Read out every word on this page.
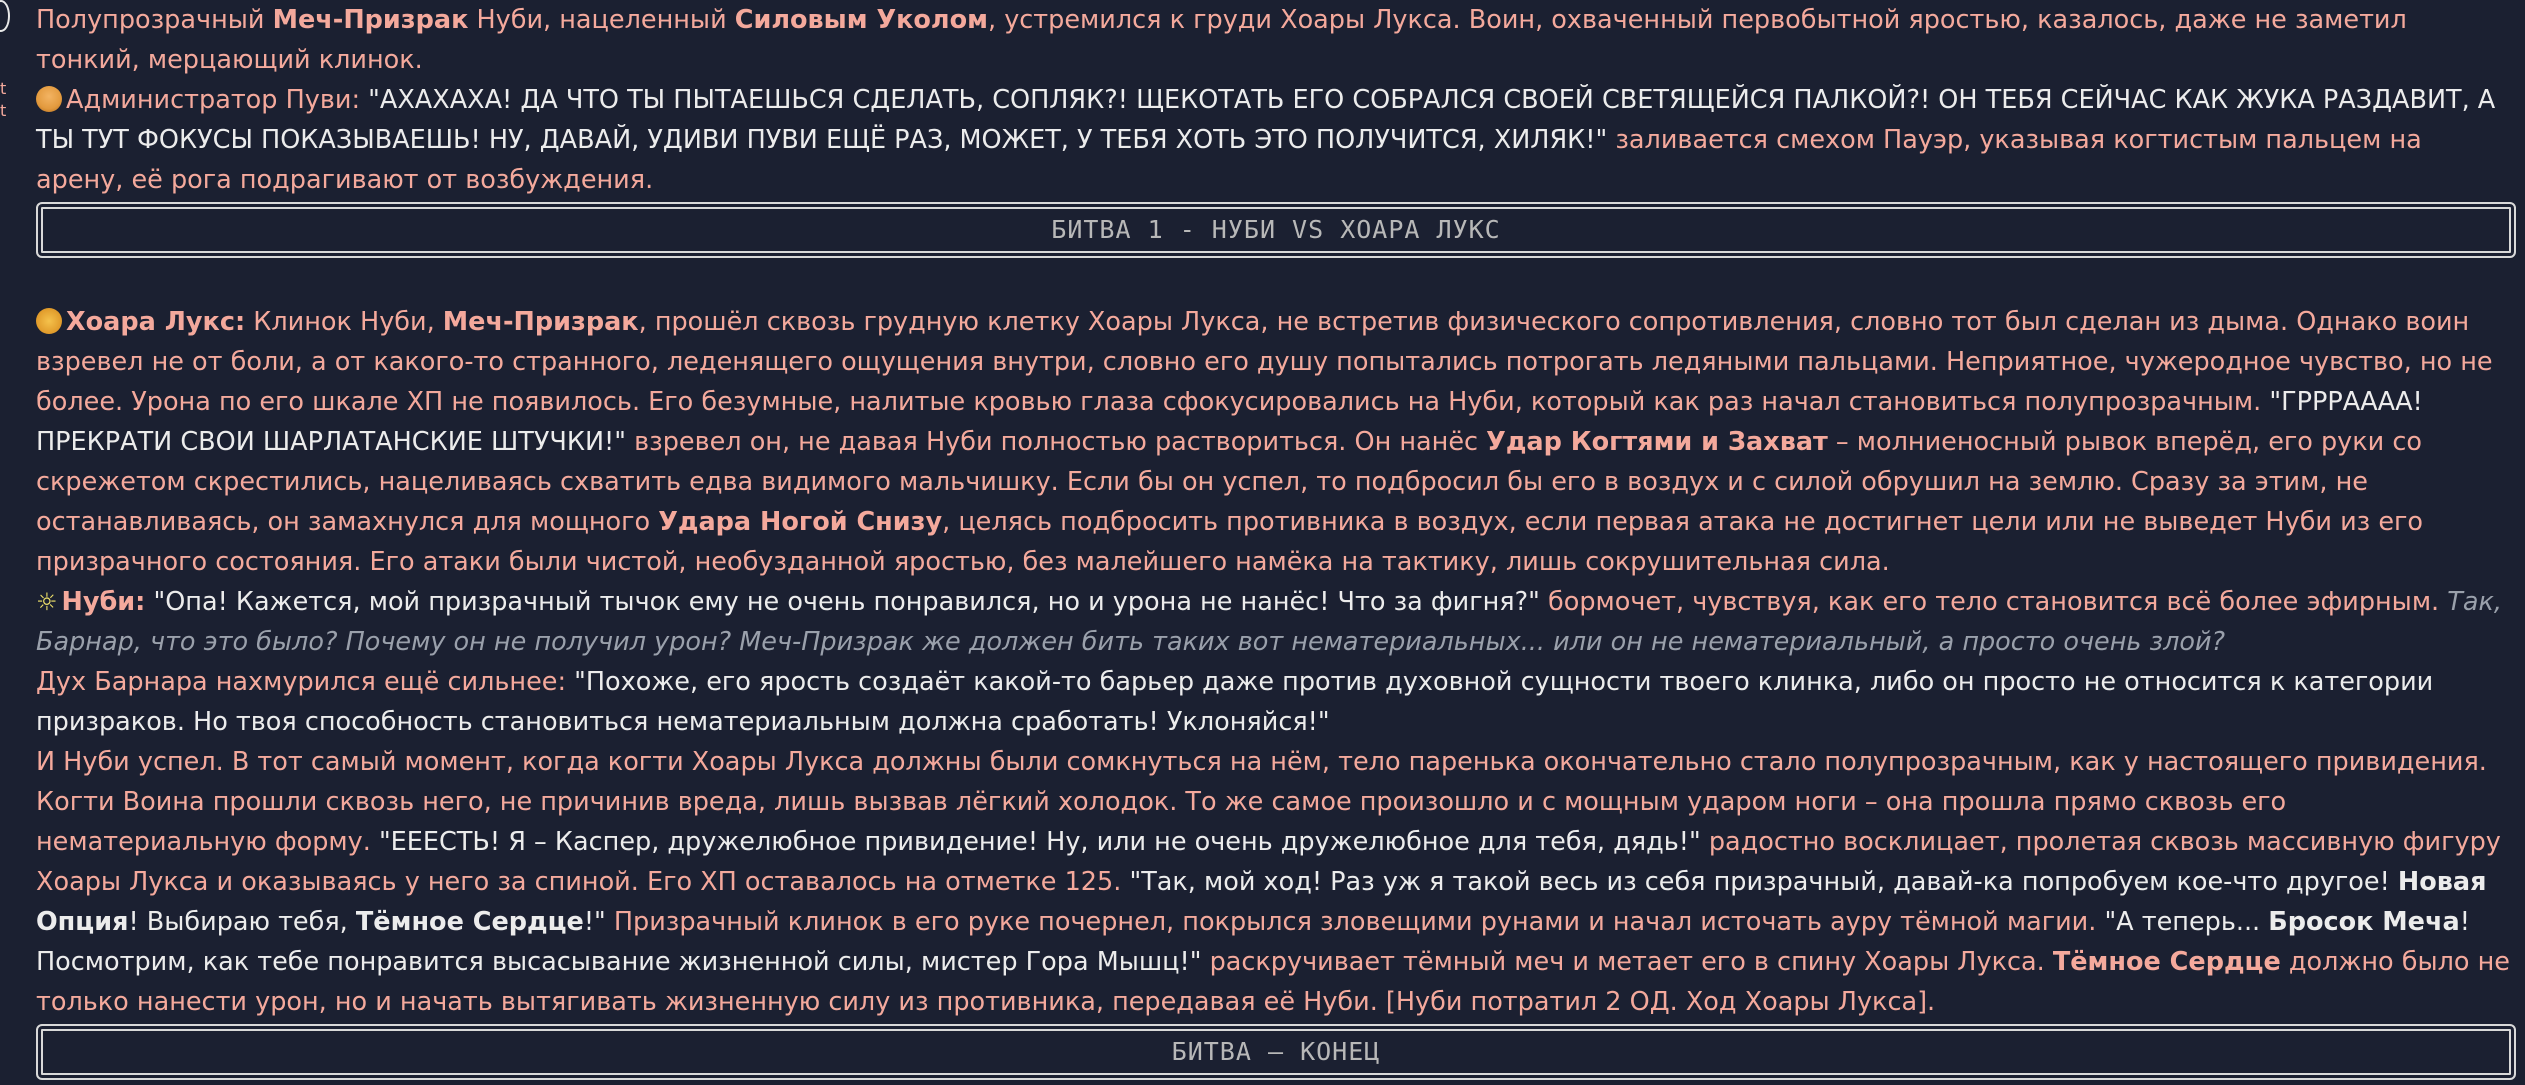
t
t

Полупрозрачный Меч-Призрак Нуби, нацеленный Силовым Уколом, устремился к груди Хоары Лукса. Воин, охваченный первобытной яростью, казалось, даже не заметил тонкий, мерцающий клинок.

Администратор Пуви: "АХАХАХА! ДА ЧТО ТЫ ПЫТАЕШЬСЯ СДЕЛАТЬ, СОПЛЯК?! ЩЕКОТАТЬ ЕГО СОБРАЛСЯ СВОЕЙ СВЕТЯЩЕЙСЯ ПАЛКОЙ?! ОН ТЕБЯ СЕЙЧАС КАК ЖУКА РАЗДАВИТ, А ТЫ ТУТ ФОКУСЫ ПОКАЗЫВАЕШЬ! НУ, ДАВАЙ, УДИВИ ПУВИ ЕЩЁ РАЗ, МОЖЕТ, У ТЕБЯ ХОТЬ ЭТО ПОЛУЧИТСЯ, ХИЛЯК!" заливается смехом Пауэр, указывая когтистым пальцем на арену, её рога подрагивают от возбуждения.

БИТВА 1 - НУБИ VS ХОАРА ЛУКС

Хоара Лукс: Клинок Нуби, Меч-Призрак, прошёл сквозь грудную клетку Хоары Лукса, не встретив физического сопротивления, словно тот был сделан из дыма. Однако воин взревел не от боли, а от какого-то странного, леденящего ощущения внутри, словно его душу попытались потрогать ледяными пальцами. Неприятное, чужеродное чувство, но не более. Урона по его шкале ХП не появилось. Его безумные, налитые кровью глаза сфокусировались на Нуби, который как раз начал становиться полупрозрачным. "ГРРРАААА! ПРЕКРАТИ СВОИ ШАРЛАТАНСКИЕ ШТУЧКИ!" взревел он, не давая Нуби полностью раствориться. Он нанёс Удар Когтями и Захват – молниеносный рывок вперёд, его руки со скрежетом скрестились, нацеливаясь схватить едва видимого мальчишку. Если бы он успел, то подбросил бы его в воздух и с силой обрушил на землю. Сразу за этим, не останавливаясь, он замахнулся для мощного Удара Ногой Снизу, целясь подбросить противника в воздух, если первая атака не достигнет цели или не выведет Нуби из его призрачного состояния. Его атаки были чистой, необузданной яростью, без малейшего намёка на тактику, лишь сокрушительная сила.

☼ Нуби: "Опа! Кажется, мой призрачный тычок ему не очень понравился, но и урона не нанёс! Что за фигня?" бормочет, чувствуя, как его тело становится всё более эфирным. Так, Барнар, что это было? Почему он не получил урон? Меч-Призрак же должен бить таких вот нематериальных... или он не нематериальный, а просто очень злой?

Дух Барнара нахмурился ещё сильнее: "Похоже, его ярость создаёт какой-то барьер даже против духовной сущности твоего клинка, либо он просто не относится к категории призраков. Но твоя способность становиться нематериальным должна сработать! Уклоняйся!"

И Нуби успел. В тот самый момент, когда когти Хоары Лукса должны были сомкнуться на нём, тело паренька окончательно стало полупрозрачным, как у настоящего привидения. Когти Воина прошли сквозь него, не причинив вреда, лишь вызвав лёгкий холодок. То же самое произошло и с мощным ударом ноги – она прошла прямо сквозь его нематериальную форму. "ЕЕЕСТЬ! Я – Каспер, дружелюбное привидение! Ну, или не очень дружелюбное для тебя, дядь!" радостно восклицает, пролетая сквозь массивную фигуру Хоары Лукса и оказываясь у него за спиной. Его ХП оставалось на отметке 125. "Так, мой ход! Раз уж я такой весь из себя призрачный, давай-ка попробуем кое-что другое! Новая Опция! Выбираю тебя, Тёмное Сердце!" Призрачный клинок в его руке почернел, покрылся зловещими рунами и начал источать ауру тёмной магии. "А теперь... Бросок Меча! Посмотрим, как тебе понравится высасывание жизненной силы, мистер Гора Мышц!" раскручивает тёмный меч и метает его в спину Хоары Лукса. Тёмное Сердце должно было не только нанести урон, но и начать вытягивать жизненную силу из противника, передавая её Нуби. [Нуби потратил 2 ОД. Ход Хоары Лукса].

БИТВА – КОНЕЦ
